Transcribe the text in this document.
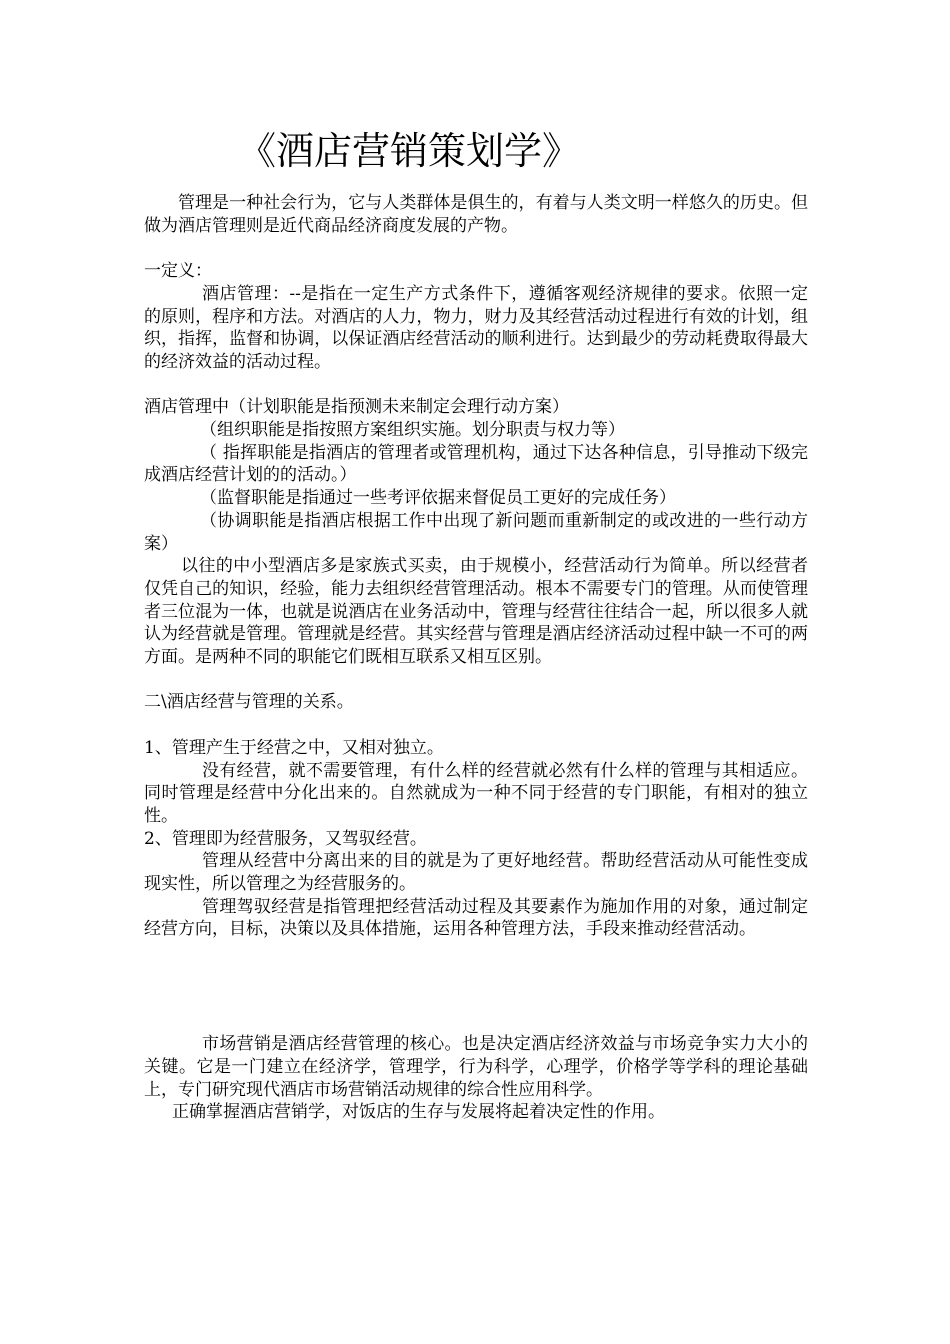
《酒店营销策划学》

管理是一种社会行为，它与人类群体是俱生的，有着与人类文明一样悠久的历史。但做为酒店管理则是近代商品经济商度发展的产物。

一定义：

酒店管理：--是指在一定生产方式条件下，遵循客观经济规律的要求。依照一定的原则，程序和方法。对酒店的人力，物力，财力及其经营活动过程进行有效的计划，组织，指挥，监督和协调，以保证酒店经营活动的顺利进行。达到最少的劳动耗费取得最大的经济效益的活动过程。

酒店管理中（计划职能是指预测未来制定会理行动方案）

（组织职能是指按照方案组织实施。划分职责与权力等）

（ 指挥职能是指酒店的管理者或管理机构，通过下达各种信息，引导推动下级完成酒店经营计划的的活动。）

（监督职能是指通过一些考评依据来督促员工更好的完成任务）

（协调职能是指酒店根据工作中出现了新问题而重新制定的或改进的一些行动方案）

以往的中小型酒店多是家族式买卖，由于规模小，经营活动行为简单。所以经营者仅凭自己的知识，经验，能力去组织经营管理活动。根本不需要专门的管理。从而使管理者三位混为一体，也就是说酒店在业务活动中，管理与经营往往结合一起，所以很多人就认为经营就是管理。管理就是经营。其实经营与管理是酒店经济活动过程中缺一不可的两方面。是两种不同的职能它们既相互联系又相互区别。

二\酒店经营与管理的关系。

1、管理产生于经营之中，又相对独立。

没有经营，就不需要管理，有什么样的经营就必然有什么样的管理与其相适应。同时管理是经营中分化出来的。自然就成为一种不同于经营的专门职能，有相对的独立性。

2、管理即为经营服务，又驾驭经营。

管理从经营中分离出来的目的就是为了更好地经营。帮助经营活动从可能性变成现实性，所以管理之为经营服务的。

管理驾驭经营是指管理把经营活动过程及其要素作为施加作用的对象，通过制定经营方向，目标，决策以及具体措施，运用各种管理方法，手段来推动经营活动。

市场营销是酒店经营管理的核心。也是决定酒店经济效益与市场竞争实力大小的关键。它是一门建立在经济学，管理学，行为科学，心理学，价格学等学科的理论基础上，专门研究现代酒店市场营销活动规律的综合性应用科学。

正确掌握酒店营销学，对饭店的生存与发展将起着决定性的作用。
